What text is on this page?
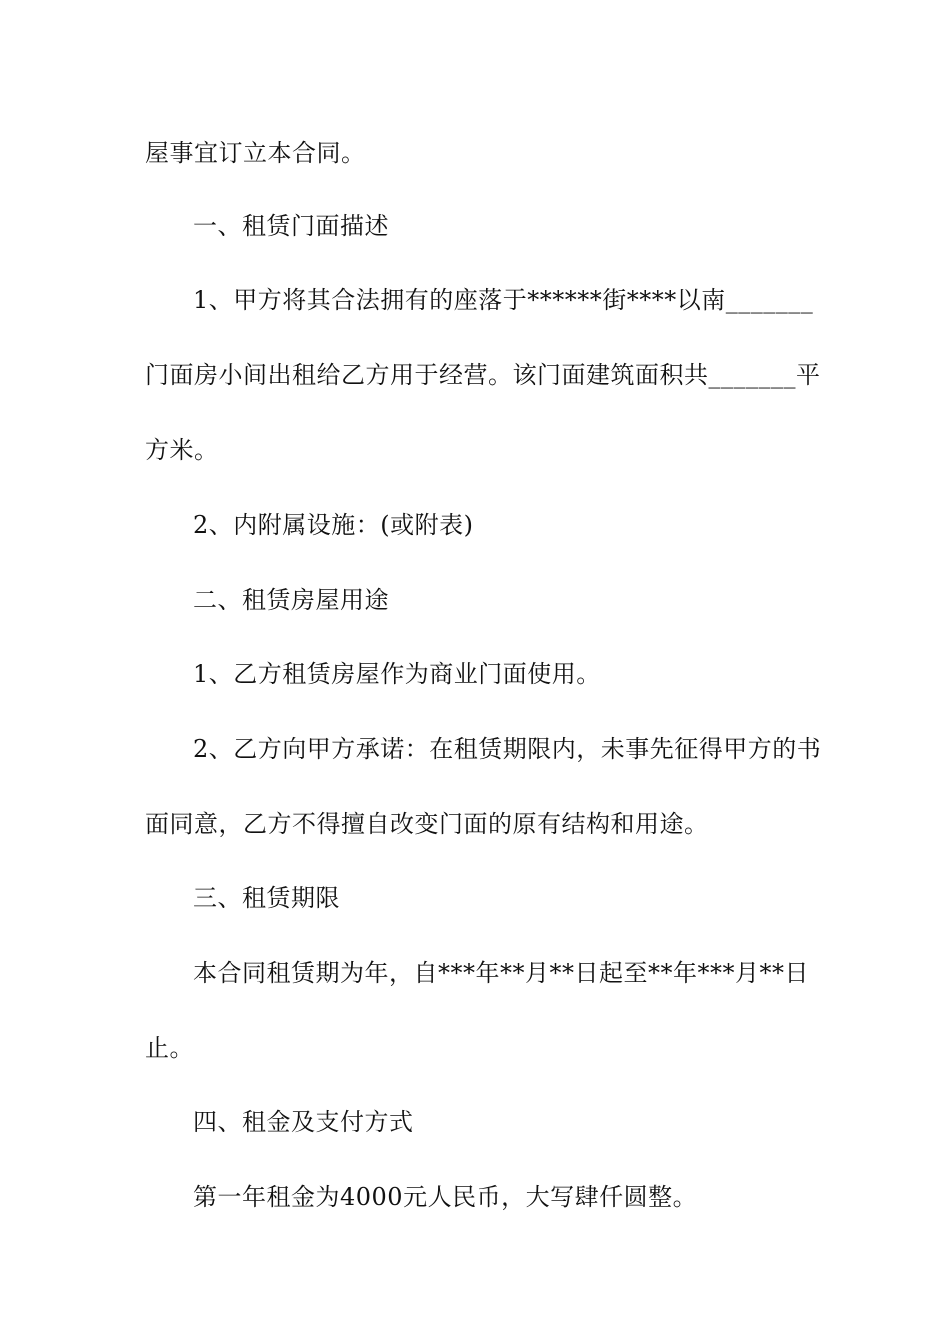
屋事宜订立本合同。
一、租赁门面描述
1、甲方将其合法拥有的座落于******街****以南_______
门面房小间出租给乙方用于经营。该门面建筑面积共_______平
方米。
2、内附属设施：(或附表)
二、租赁房屋用途
1、乙方租赁房屋作为商业门面使用。
2、乙方向甲方承诺：在租赁期限内，未事先征得甲方的书
面同意，乙方不得擅自改变门面的原有结构和用途。
三、租赁期限
本合同租赁期为年，自***年**月**日起至**年***月**日
止。
四、租金及支付方式
第一年租金为4000元人民币，大写肆仟圆整。
